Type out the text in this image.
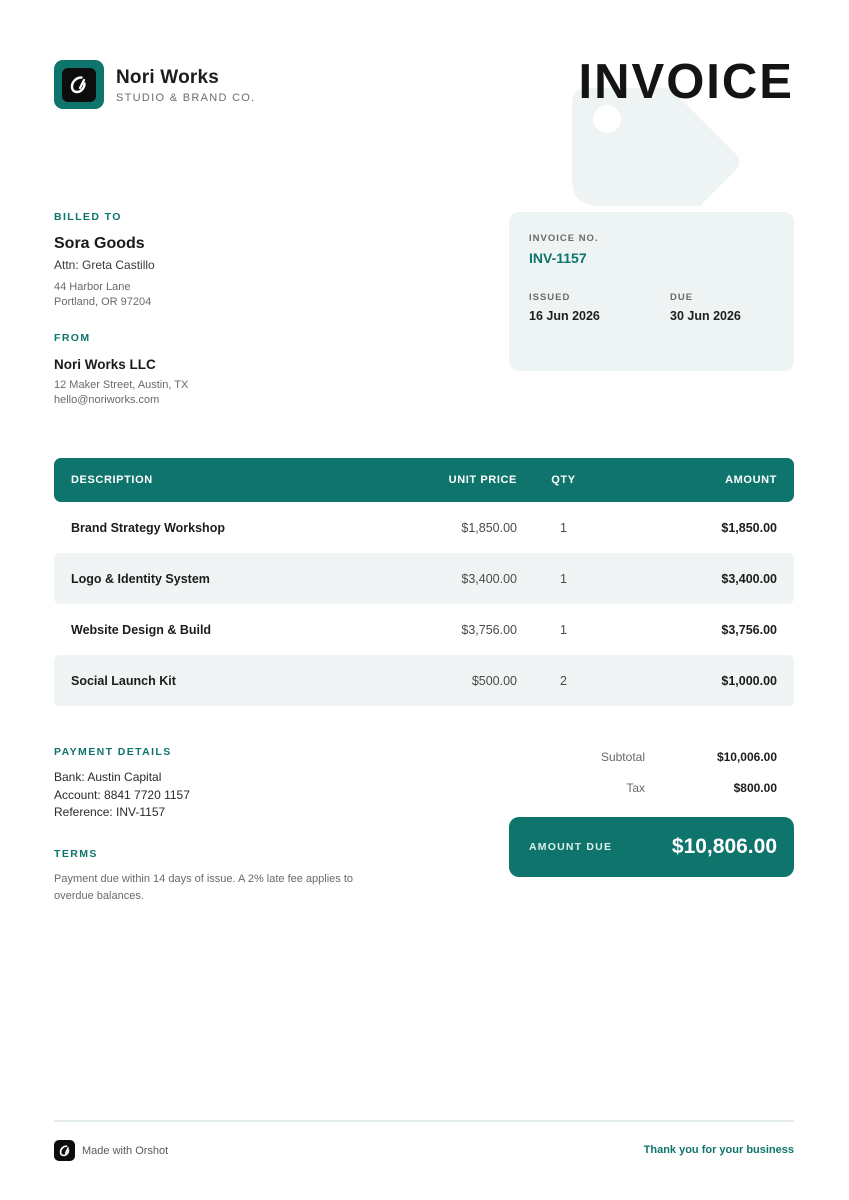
Nori Works
STUDIO & BRAND CO.	INVOICE
BILLED TO
Sora Goods
Attn: Greta Castillo
44 Harbor Lane
Portland, OR 97204
FROM
Nori Works LLC
12 Maker Street, Austin, TX
hello@noriworks.com
INVOICE NO.
INV-1157
ISSUED
16 Jun 2026
DUE
30 Jun 2026
DESCRIPTION	UNIT PRICE	QTY	AMOUNT
Brand Strategy Workshop	$1,850.00	1	$1,850.00
Logo & Identity System	$3,400.00	1	$3,400.00
Website Design & Build	$3,756.00	1	$3,756.00
Social Launch Kit	$500.00	2	$1,000.00
PAYMENT DETAILS
Bank: Austin Capital
Account: 8841 7720 1157
Reference: INV-1157
TERMS
Payment due within 14 days of issue. A 2% late fee applies to overdue balances.
Subtotal	$10,006.00
Tax	$800.00
AMOUNT DUE	$10,806.00
Made with Orshot	Thank you for your business
